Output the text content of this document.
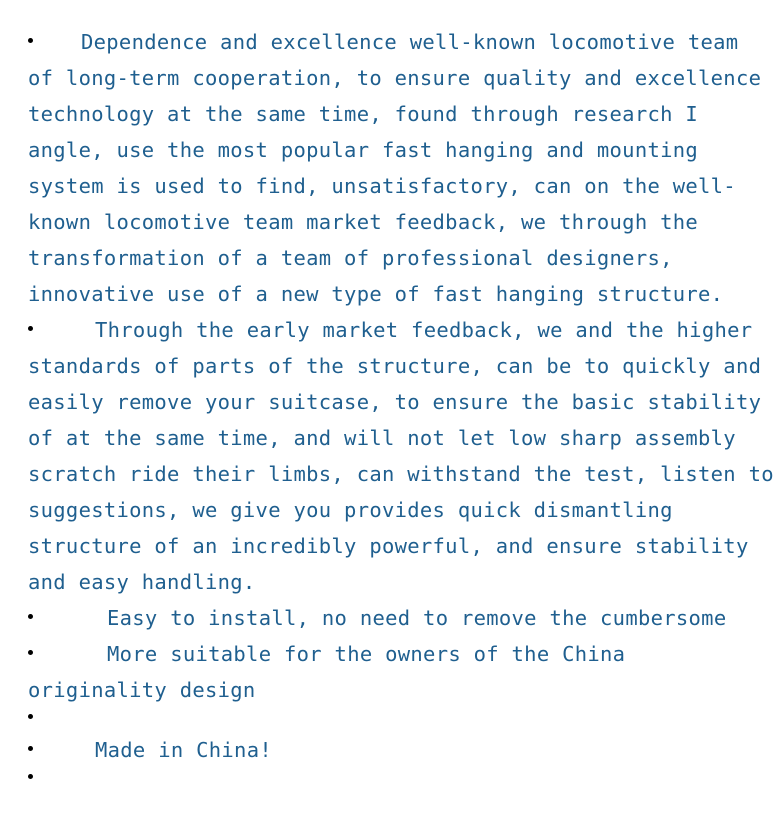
Dependence and excellence well-known locomotive team of long-term cooperation, to ensure quality and excellence technology at the same time, found through research I angle, use the most popular fast hanging and mounting system is used to find, unsatisfactory, can on the well-known locomotive team market feedback, we through the transformation of a team of professional designers, innovative use of a new type of fast hanging structure.
Through the early market feedback, we and the higher standards of parts of the structure, can be to quickly and easily remove your suitcase, to ensure the basic stability of at the same time, and will not let low sharp assembly scratch ride their limbs, can withstand the test, listen to suggestions, we give you provides quick dismantling structure of an incredibly powerful, and ensure stability and easy handling.
Easy to install, no need to remove the cumbersome
More suitable for the owners of the China originality design
Made in China!
